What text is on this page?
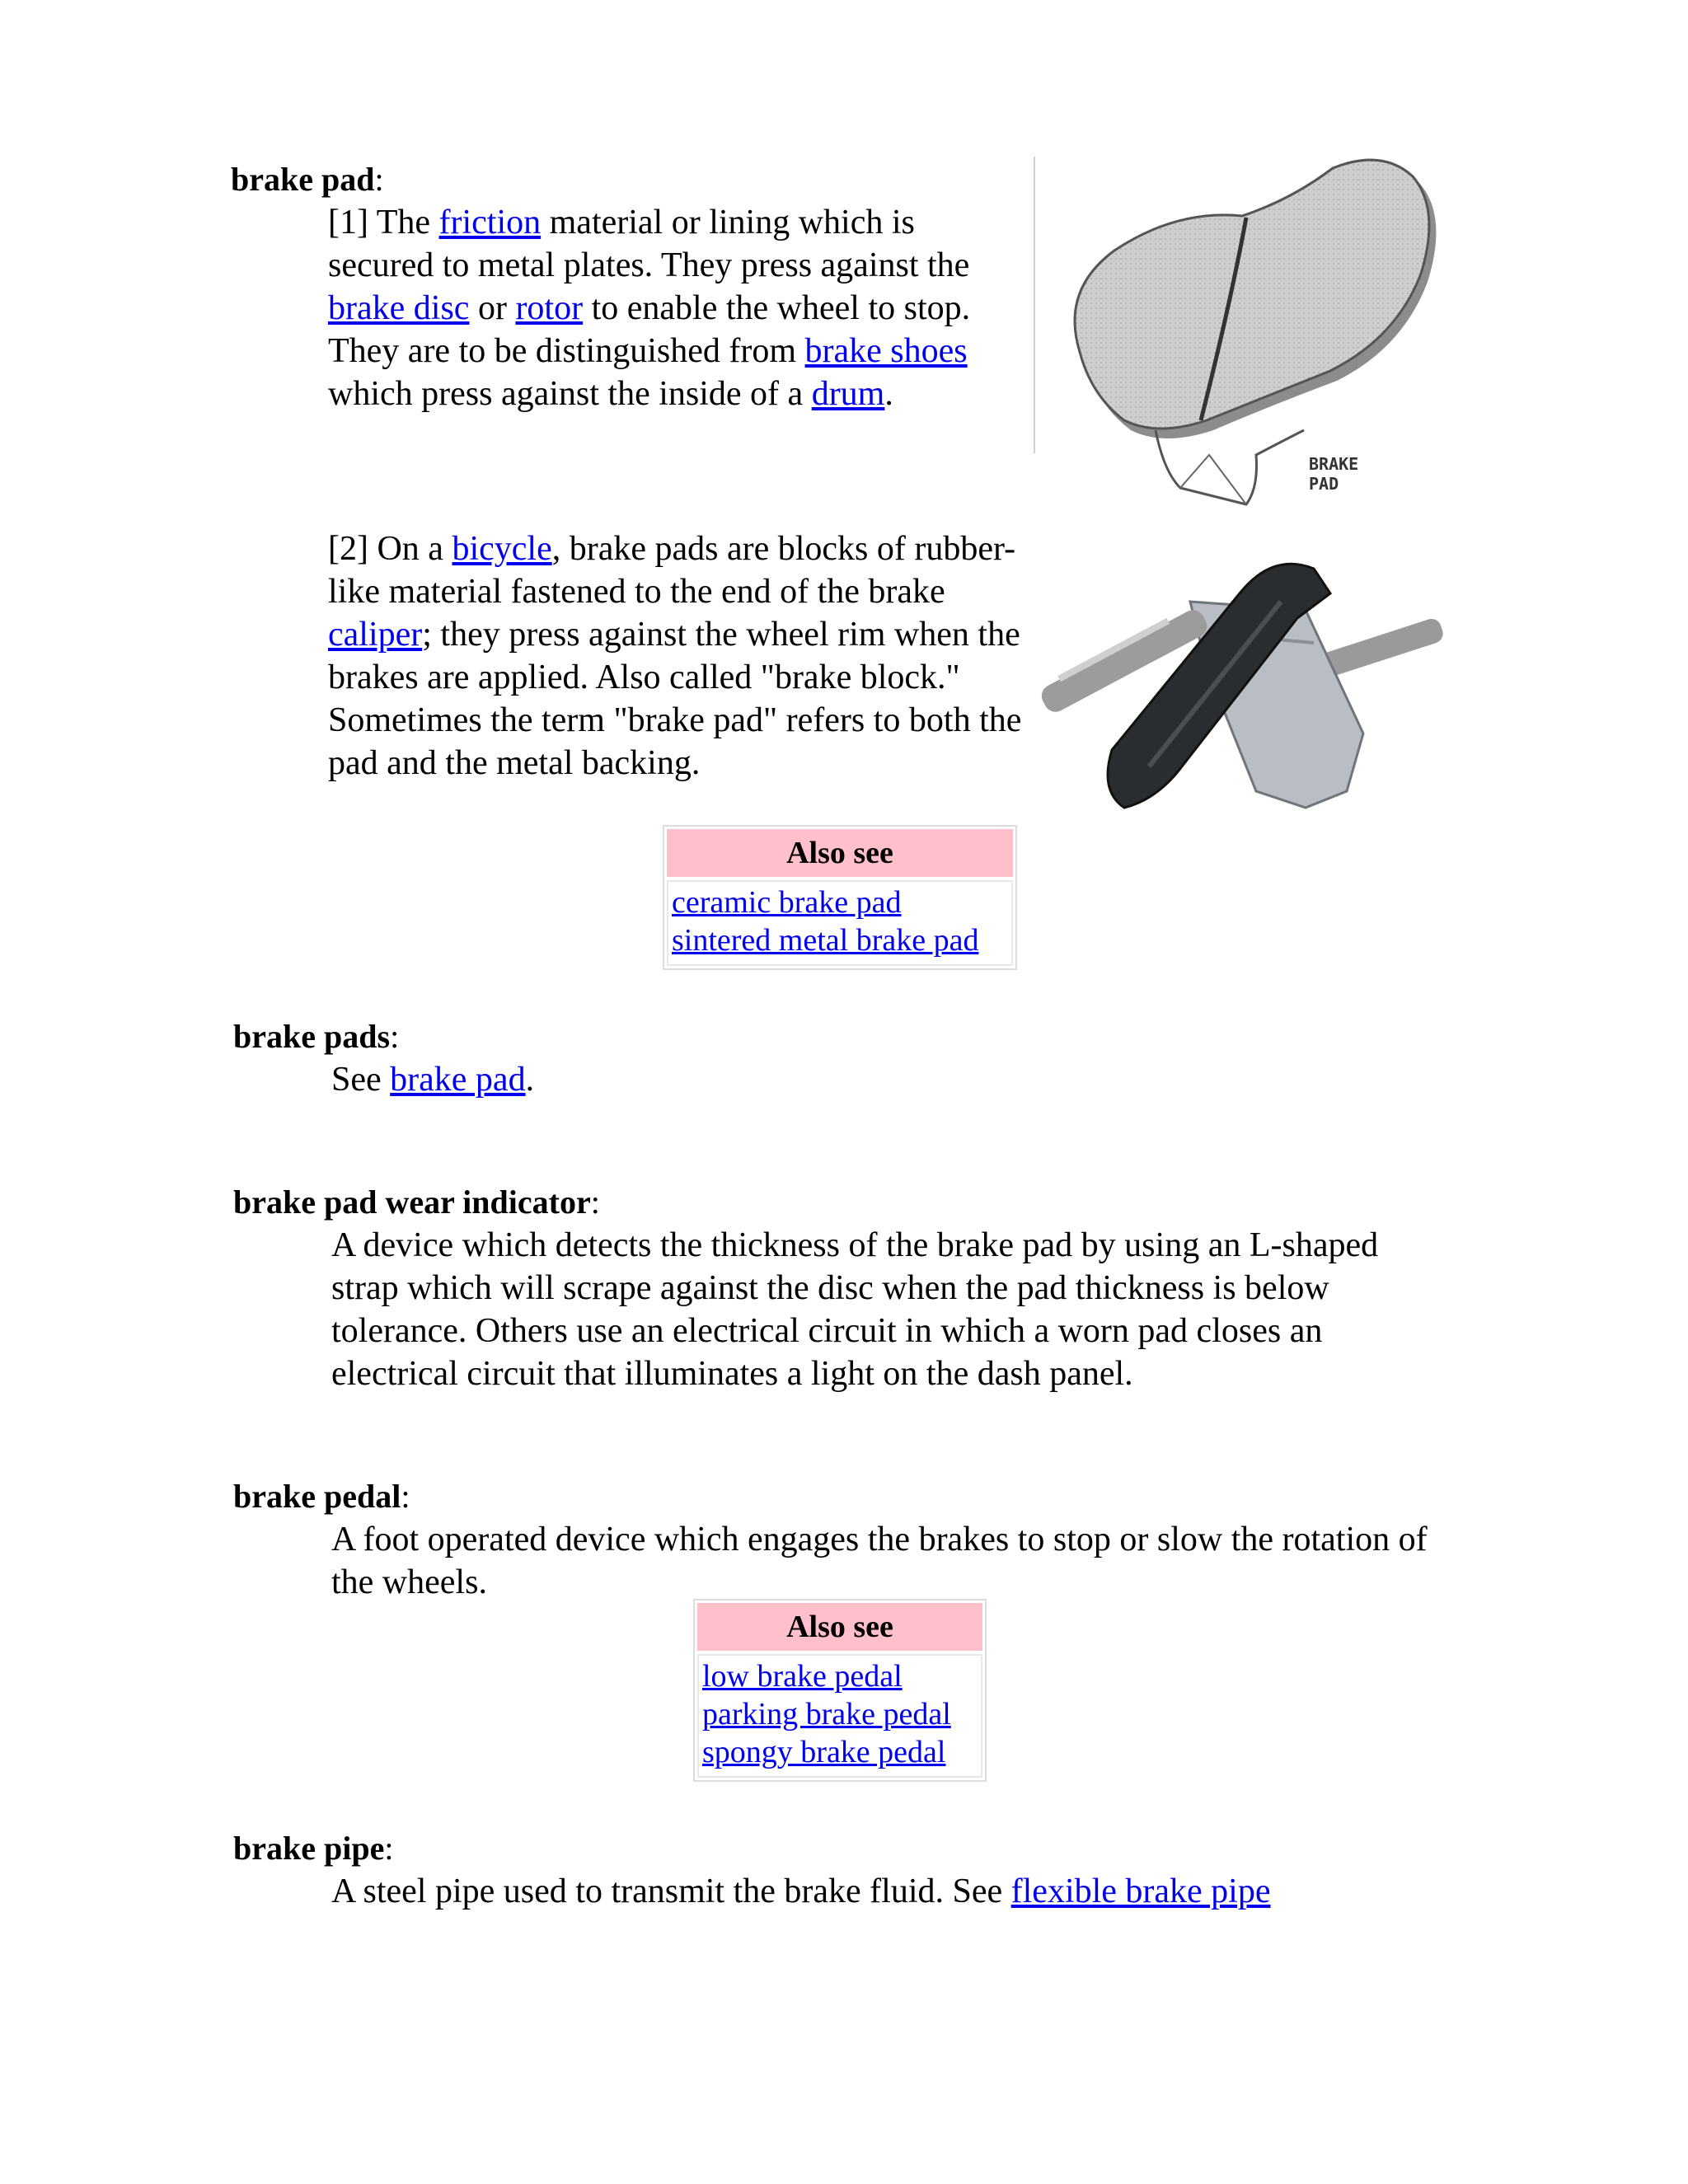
brake pad:

[1] The friction material or lining which is secured to metal plates. They press against the brake disc or rotor to enable the wheel to stop. They are to be distinguished from brake shoes which press against the inside of a drum.

BRAKE
PAD

[2] On a bicycle, brake pads are blocks of rubber-like material fastened to the end of the brake caliper; they press against the wheel rim when the brakes are applied. Also called "brake block." Sometimes the term "brake pad" refers to both the pad and the metal backing.

Also see
ceramic brake pad
sintered metal brake pad
brake pads:

See brake pad.

brake pad wear indicator:

A device which detects the thickness of the brake pad by using an L-shaped strap which will scrape against the disc when the pad thickness is below tolerance. Others use an electrical circuit in which a worn pad closes an electrical circuit that illuminates a light on the dash panel.

brake pedal:

A foot operated device which engages the brakes to stop or slow the rotation of the wheels.

Also see
low brake pedal
parking brake pedal
spongy brake pedal
brake pipe:

A steel pipe used to transmit the brake fluid. See flexible brake pipe
